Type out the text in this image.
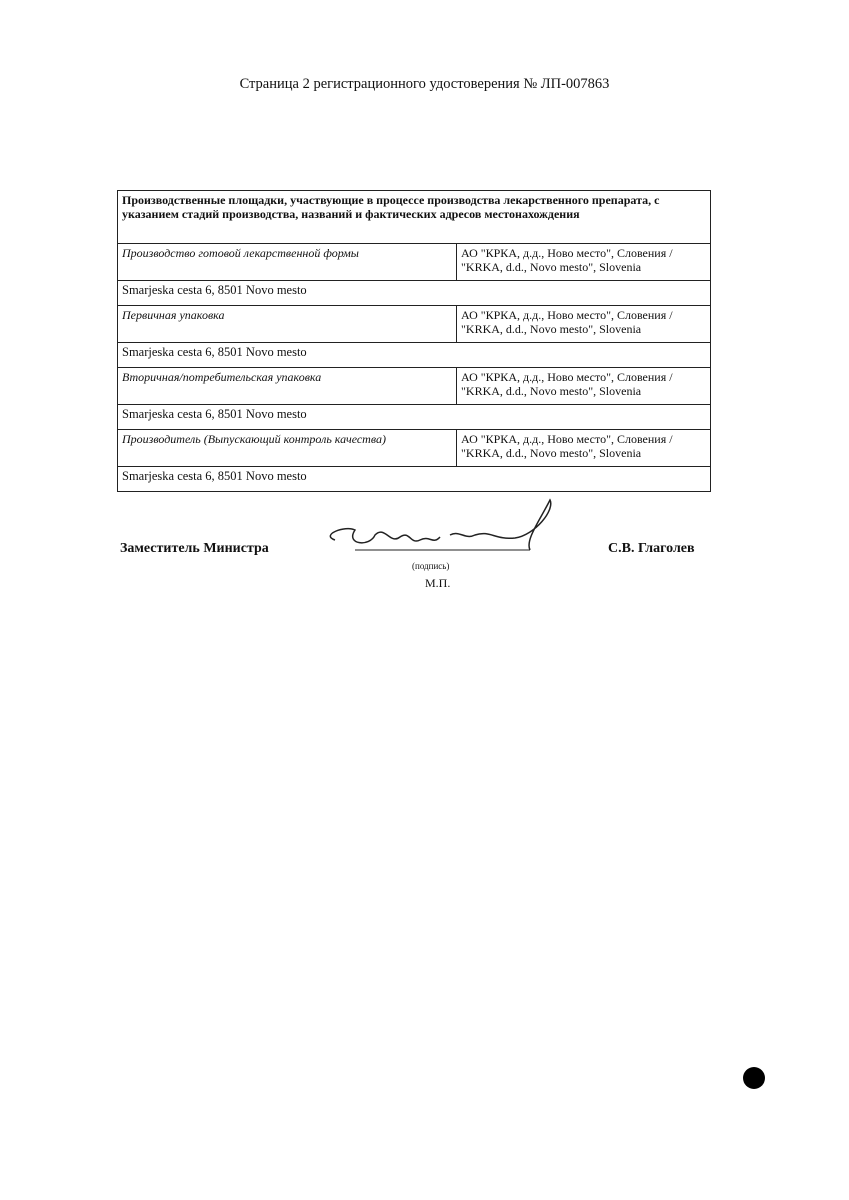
Страница 2 регистрационного удостоверения № ЛП-007863
Производственные площадки, участвующие в процессе производства лекарственного препарата, с указанием стадий производства, названий и фактических адресов местонахождения	
Производство готовой лекарственной формы	АО "КРКА, д.д., Ново место", Словения / "KRKA, d.d., Novo mesto", Slovenia
Smarjeska cesta 6, 8501 Novo mesto	
Первичная упаковка	АО "КРКА, д.д., Ново место", Словения / "KRKA, d.d., Novo mesto", Slovenia
Smarjeska cesta 6, 8501 Novo mesto	
Вторичная/потребительская упаковка	АО "КРКА, д.д., Ново место", Словения / "KRKA, d.d., Novo mesto", Slovenia
Smarjeska cesta 6, 8501 Novo mesto	
Производитель (Выпускающий контроль качества)	АО "КРКА, д.д., Ново место", Словения / "KRKA, d.d., Novo mesto", Slovenia
Smarjeska cesta 6, 8501 Novo mesto	
Заместитель Министра
(подпись)
М.П.
С.В. Глаголев
